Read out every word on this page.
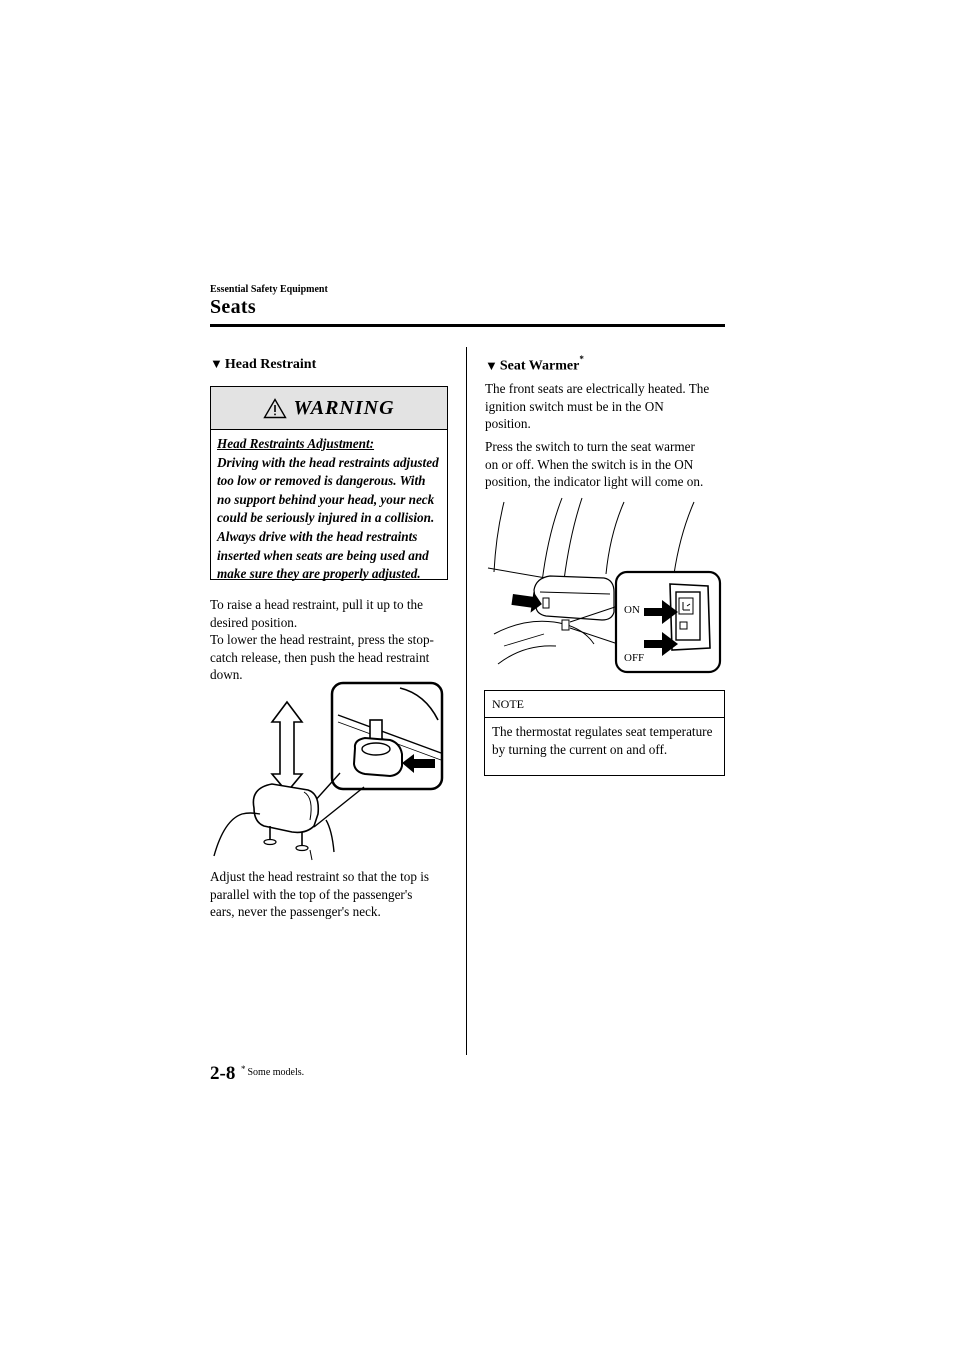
Essential Safety Equipment
Seats
▼ Head Restraint
WARNING
Head Restraints Adjustment:
Driving with the head restraints adjusted too low or removed is dangerous. With no support behind your head, your neck could be seriously injured in a collision. Always drive with the head restraints inserted when seats are being used and make sure they are properly adjusted.
To raise a head restraint, pull it up to the
desired position.
To lower the head restraint, press the stop-
catch release, then push the head restraint
down.
Adjust the head restraint so that the top is
parallel with the top of the passenger's
ears, never the passenger's neck.
▼ Seat Warmer*
The front seats are electrically heated. The
ignition switch must be in the ON
position.
Press the switch to turn the seat warmer
on or off. When the switch is in the ON
position, the indicator light will come on.
ON
OFF
NOTE
The thermostat regulates seat temperature by turning the current on and off.
2-8 * Some models.
